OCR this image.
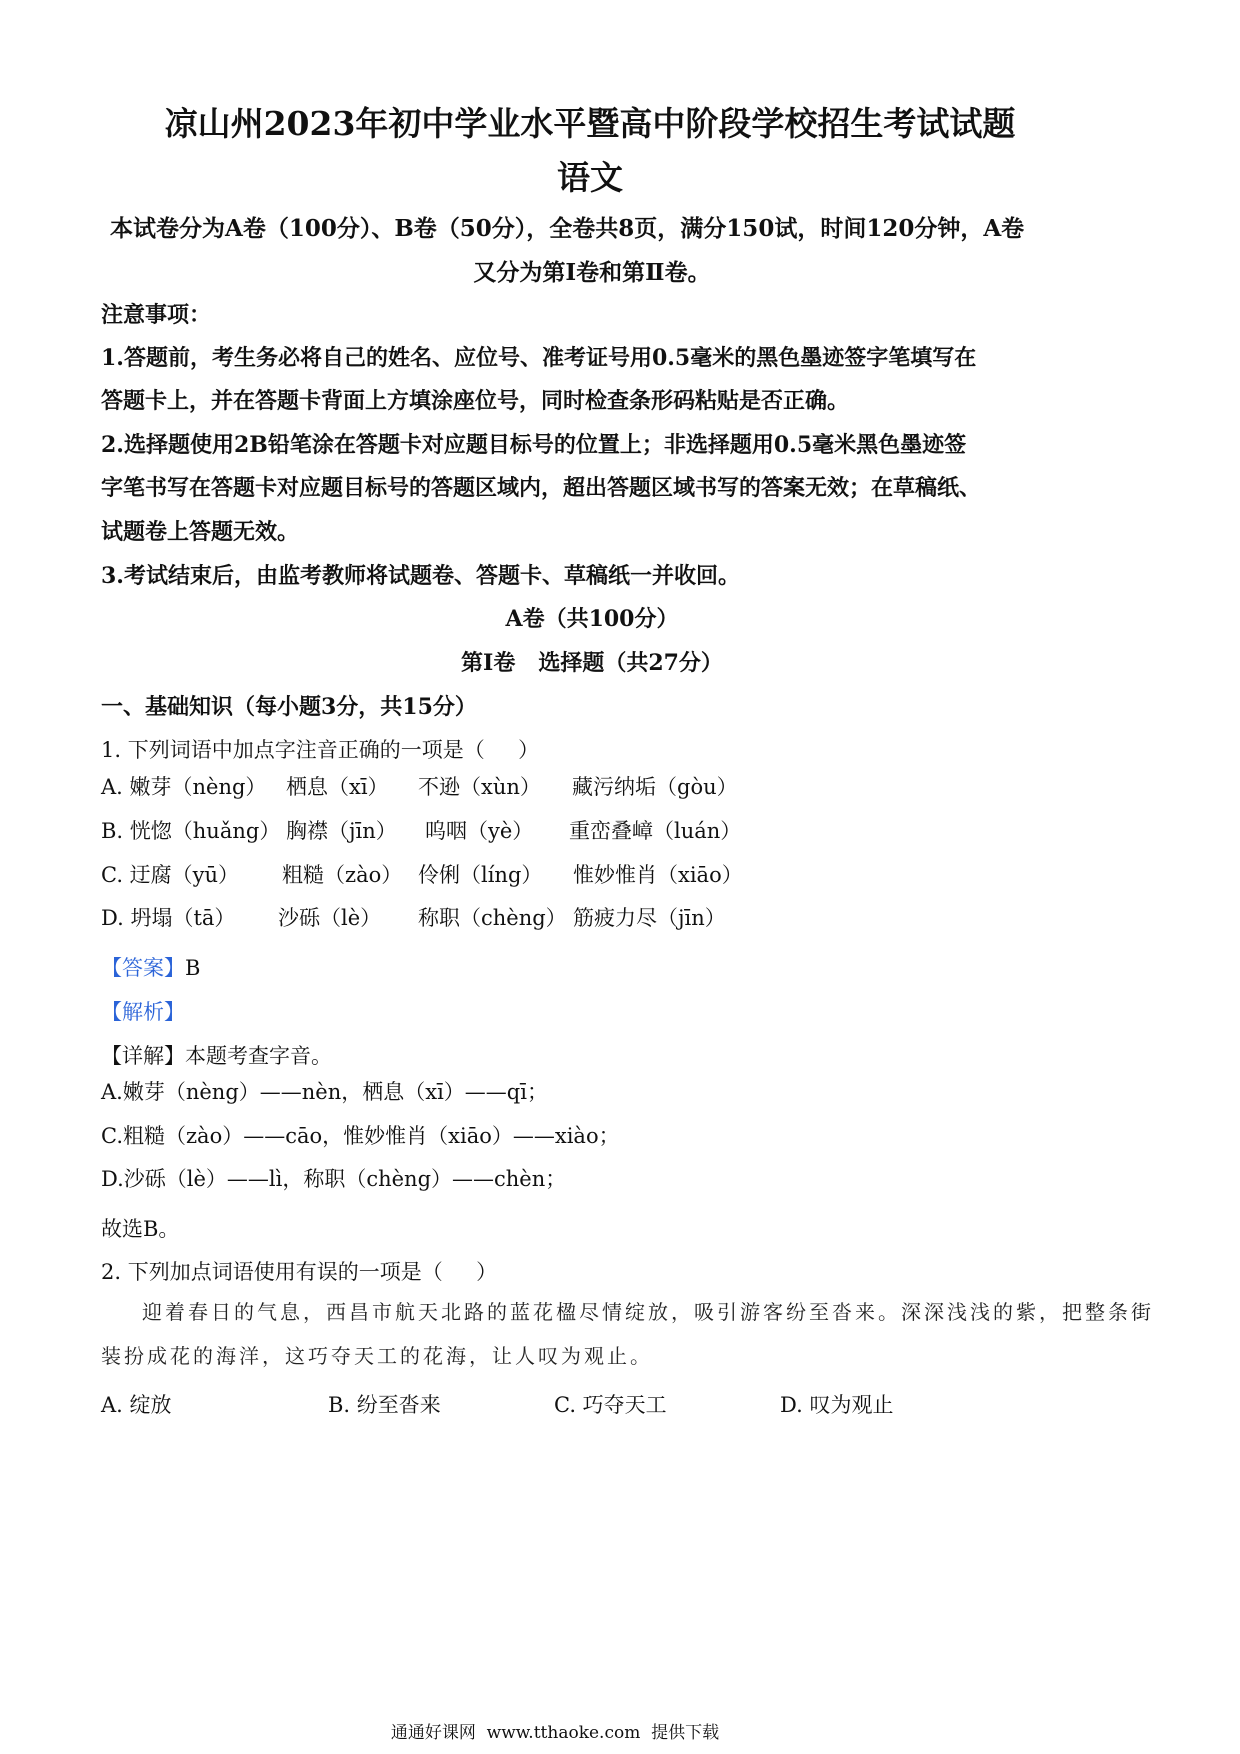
凉山州2023年初中学业水平暨高中阶段学校招生考试试题
语文
本试卷分为A卷（100分）、B卷（50分），全卷共8页，满分150试，时间120分钟，A卷
又分为第Ⅰ卷和第Ⅱ卷。
注意事项：
1.答题前，考生务必将自己的姓名、应位号、准考证号用0.5毫米的黑色墨迹签字笔填写在
答题卡上，并在答题卡背面上方填涂座位号，同时检查条形码粘贴是否正确。
2.选择题使用2B铅笔涂在答题卡对应题目标号的位置上；非选择题用0.5毫米黑色墨迹签
字笔书写在答题卡对应题目标号的答题区域内，超出答题区域书写的答案无效；在草稿纸、
试题卷上答题无效。
3.考试结束后，由监考教师将试题卷、答题卡、草稿纸一并收回。
A卷（共100分）
第Ⅰ卷   选择题（共27分）
一、基础知识（每小题3分，共15分）
1. 下列词语中加点字注音正确的一项是（     ）
A. 嫩芽（nèng） 栖息（xī） 不逊（xùn） 藏污纳垢（gòu）
B. 恍惚（huǎng） 胸襟（jīn） 呜咽（yè） 重峦叠嶂（luán）
C. 迂腐（yū） 粗糙（zào） 伶俐（líng） 惟妙惟肖（xiāo）
D. 坍塌（tā） 沙砾（lè） 称职（chèng） 筋疲力尽（jīn）
【答案】B
【解析】
【详解】本题考查字音。
A.嫩芽（nèng）——nèn，栖息（xī）——qī；
C.粗糙（zào）——cāo，惟妙惟肖（xiāo）——xiào；
D.沙砾（lè）——lì，称职（chèng）——chèn；
故选B。
2. 下列加点词语使用有误的一项是（     ）
迎着春日的气息，西昌市航天北路的蓝花楹尽情绽放，吸引游客纷至沓来。深深浅浅的紫，把整条街
装扮成花的海洋，这巧夺天工的花海，让人叹为观止。
A. 绽放	B. 纷至沓来	C. 巧夺天工	D. 叹为观止
通通好课网  www.tthaoke.com  提供下载
